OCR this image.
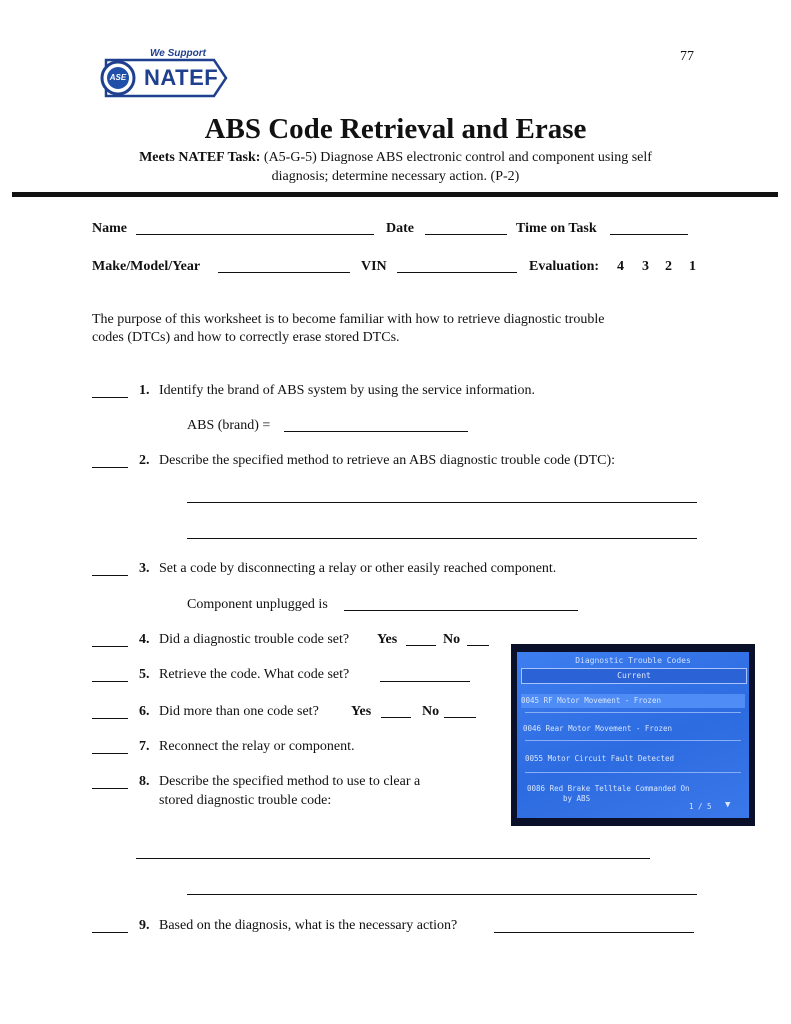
77
We Support
ASE NATEF
ABS Code Retrieval and Erase
Meets NATEF Task: (A5-G-5) Diagnose ABS electronic control and component using self
diagnosis; determine necessary action. (P-2)
Name	Date	Time on Task
Make/Model/Year	VIN	Evaluation: 4 3 2 1
The purpose of this worksheet is to become familiar with how to retrieve diagnostic trouble
codes (DTCs) and how to correctly erase stored DTCs.
1. Identify the brand of ABS system by using the service information.
ABS (brand) =
2. Describe the specified method to retrieve an ABS diagnostic trouble code (DTC):
3. Set a code by disconnecting a relay or other easily reached component.
Component unplugged is
4. Did a diagnostic trouble code set? Yes	No
5. Retrieve the code. What code set?
6. Did more than one code set? Yes	No
7. Reconnect the relay or component.
8. Describe the specified method to use to clear a
stored diagnostic trouble code:
9. Based on the diagnosis, what is the necessary action?
Diagnostic Trouble Codes
Current
0045 RF Motor Movement - Frozen
0046 Rear Motor Movement - Frozen
0055 Motor Circuit Fault Detected
0086 Red Brake Telltale Commanded On
by ABS
1 / 5 ▼
